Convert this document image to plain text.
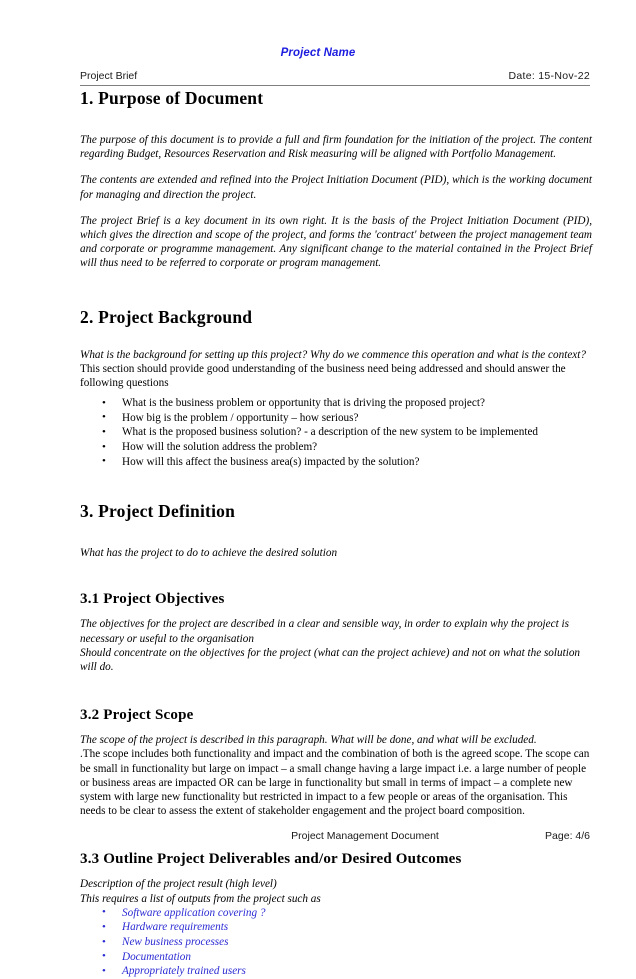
Project Name
Project Brief	Date: 15-Nov-22
1. Purpose of Document

The purpose of this document is to provide a full and firm foundation for the initiation of the project. The content regarding Budget, Resources Reservation and Risk measuring will be aligned with Portfolio Management.

The contents are extended and refined into the Project Initiation Document (PID), which is the working document for managing and direction the project.

The project Brief is a key document in its own right. It is the basis of the Project Initiation Document (PID), which gives the direction and scope of the project, and forms the 'contract' between the project management team and corporate or programme management. Any significant change to the material contained in the Project Brief will thus need to be referred to corporate or program management.

2. Project Background

What is the background for setting up this project? Why do we commence this operation and what is the context?

This section should provide good understanding of the business need being addressed and should answer the following questions

• What is the business problem or opportunity that is driving the proposed project?
• How big is the problem / opportunity – how serious?
• What is the proposed business solution? - a description of the new system to be implemented
• How will the solution address the problem?
• How will this affect the business area(s) impacted by the solution?
3. Project Definition

What has the project to do to achieve the desired solution

3.1 Project Objectives

The objectives for the project are described in a clear and sensible way, in order to explain why the project is necessary or useful to the organisation

Should concentrate on the objectives for the project (what can the project achieve) and not on what the solution will do.

3.2 Project Scope

The scope of the project is described in this paragraph. What will be done, and what will be excluded.

.The scope includes both functionality and impact and the combination of both is the agreed scope. The scope can be small in functionality but large on impact – a small change having a large impact i.e. a large number of people or business areas are impacted OR can be large in functionality but small in terms of impact – a complete new system with large new functionality but restricted in impact to a few people or areas of the organisation. This needs to be clear to assess the extent of stakeholder engagement and the project board composition.

3.3 Outline Project Deliverables and/or Desired Outcomes

Description of the project result (high level)

This requires a list of outputs from the project such as

• Software application covering ?
• Hardware requirements
• New business processes
• Documentation
• Appropriately trained users
Project Management Document	Page: 4/6
